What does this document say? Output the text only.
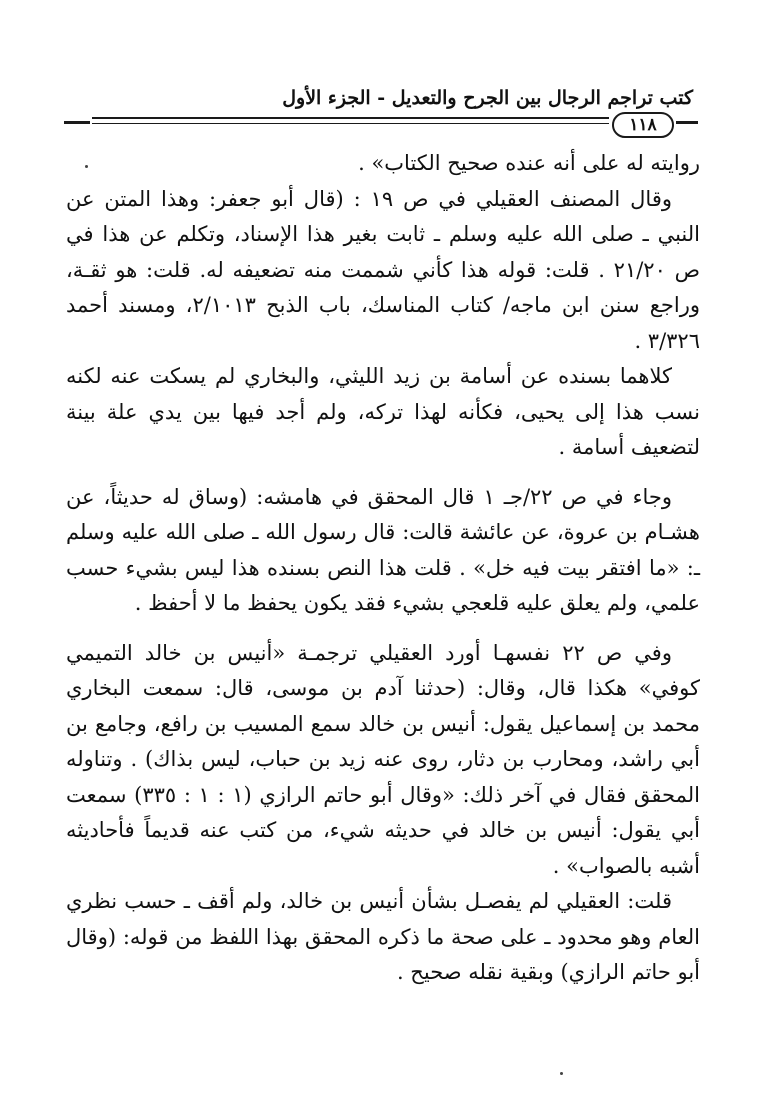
كتب تراجم الرجال بين الجرح والتعديل - الجزء الأول
١١٨

روايته له على أنه عنده صحيح الكتاب» .

وقال المصنف العقيلي في ص ١٩ : (قال أبو جعفر: وهذا المتن عن النبي ـ صلى الله عليه وسلم ـ ثابت بغير هذا الإسناد، وتكلم عن هذا في ص ٢١/٢٠ . قلت: قوله هذا كأني شممت منه تضعيفه له. قلت: هو ثقـة، وراجع سنن ابن ماجه/ كتاب المناسك، باب الذبح ٢/١٠١٣، ومسند أحمد ٣/٣٢٦ .

كلاهما بسنده عن أسامة بن زيد الليثي، والبخاري لم يسكت عنه لكنه نسب هذا إلى يحيى، فكأنه لهذا تركه، ولم أجد فيها بين يدي علة بينة لتضعيف أسامة .

وجاء في ص ٢٢/جـ ١ قال المحقق في هامشه: (وساق له حديثاً، عن هشـام بن عروة، عن عائشة قالت: قال رسول الله ـ صلى الله عليه وسلم ـ: «ما افتقر بيت فيه خل» . قلت هذا النص بسنده هذا ليس بشيء حسب علمي، ولم يعلق عليه قلعجي بشيء فقد يكون يحفظ ما لا أحفظ .

وفي ص ٢٢ نفسهـا أورد العقيلي ترجمـة «أنيس بن خالد التميمي كوفي» هكذا قال، وقال: (حدثنا آدم بن موسى، قال: سمعت البخاري محمد بن إسماعيل يقول: أنيس بن خالد سمع المسيب بن رافع، وجامع بن أبي راشد، ومحارب بن دثار، روى عنه زيد بن حباب، ليس بذاك) . وتناوله المحقق فقال في آخر ذلك: «وقال أبو حاتم الرازي (١ : ١ : ٣٣٥) سمعت أبي يقول: أنيس بن خالد في حديثه شيء، من كتب عنه قديماً فأحاديثه أشبه بالصواب» .

قلت: العقيلي لم يفصـل بشأن أنيس بن خالد، ولم أقف ـ حسب نظري العام وهو محدود ـ على صحة ما ذكره المحقق بهذا اللفظ من قوله: (وقال أبو حاتم الرازي) وبقية نقله صحيح .
